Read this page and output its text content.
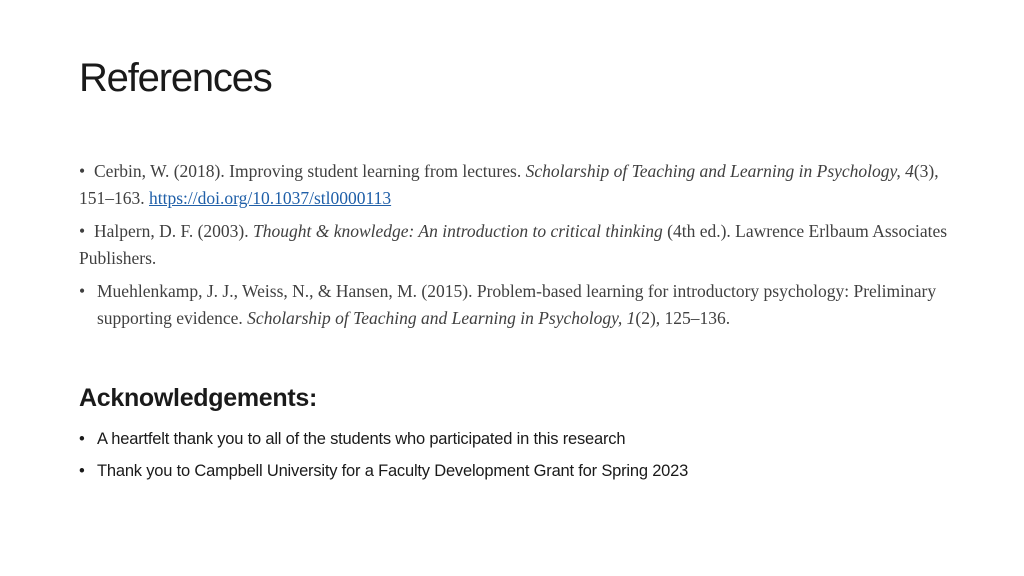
References

• Cerbin, W. (2018). Improving student learning from lectures. Scholarship of Teaching and Learning in Psychology, 4(3), 151–163. https://doi.org/10.1037/stl0000113

• Halpern, D. F. (2003). Thought & knowledge: An introduction to critical thinking (4th ed.). Lawrence Erlbaum Associates Publishers.

• Muehlenkamp, J. J., Weiss, N., & Hansen, M. (2015). Problem-based learning for introductory psychology: Preliminary supporting evidence. Scholarship of Teaching and Learning in Psychology, 1(2), 125–136.

Acknowledgements:
• A heartfelt thank you to all of the students who participated in this research
• Thank you to Campbell University for a Faculty Development Grant for Spring 2023
